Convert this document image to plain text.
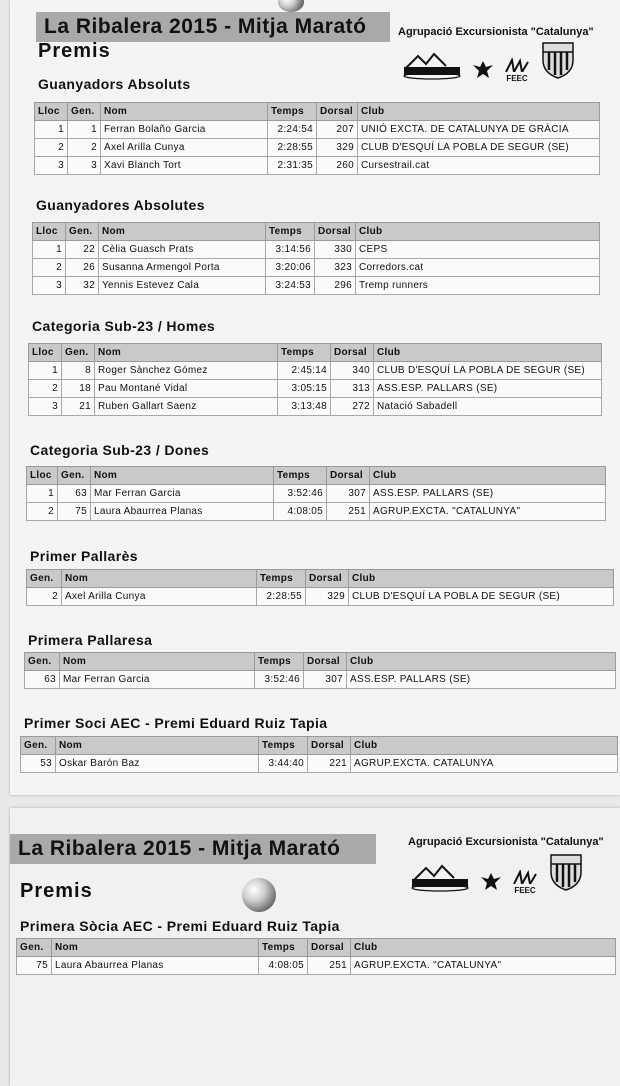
La Ribalera 2015 - Mitja Marató
Premis
Agrupació Excursionista "Catalunya"
FEEC
Guanyadors Absoluts
Lloc	Gen.	Nom	Temps	Dorsal	Club
1	1	Ferran Bolaño Garcia	2:24:54	207	UNIÓ EXCTA. DE CATALUNYA DE GRÀCIA
2	2	Axel Arilla Cunya	2:28:55	329	CLUB D'ESQUÍ LA POBLA DE SEGUR (SE)
3	3	Xavi Blanch Tort	2:31:35	260	Cursestrail.cat
Guanyadores Absolutes
Lloc	Gen.	Nom	Temps	Dorsal	Club
1	22	Cèlia Guasch Prats	3:14:56	330	CEPS
2	26	Susanna Armengol Porta	3:20:06	323	Corredors.cat
3	32	Yennis Estevez Cala	3:24:53	296	Tremp runners
Categoria Sub-23 / Homes
Lloc	Gen.	Nom	Temps	Dorsal	Club
1	8	Roger Sànchez Gómez	2:45:14	340	CLUB D'ESQUÍ LA POBLA DE SEGUR (SE)
2	18	Pau Montané Vidal	3:05:15	313	ASS.ESP. PALLARS (SE)
3	21	Ruben Gallart Saenz	3:13:48	272	Natació Sabadell
Categoria Sub-23 / Dones
Lloc	Gen.	Nom	Temps	Dorsal	Club
1	63	Mar Ferran Garcia	3:52:46	307	ASS.ESP. PALLARS (SE)
2	75	Laura Abaurrea Planas	4:08:05	251	AGRUP.EXCTA. "CATALUNYA"
Primer Pallarès
Gen.	Nom	Temps	Dorsal	Club
2	Axel Arilla Cunya	2:28:55	329	CLUB D'ESQUÍ LA POBLA DE SEGUR (SE)
Primera Pallaresa
Gen.	Nom	Temps	Dorsal	Club
63	Mar Ferran Garcia	3:52:46	307	ASS.ESP. PALLARS (SE)
Primer Soci AEC - Premi Eduard Ruiz Tapia
Gen.	Nom	Temps	Dorsal	Club
53	Oskar Barón Baz	3:44:40	221	AGRUP.EXCTA. CATALUNYA
La Ribalera 2015 - Mitja Marató
Premis
Agrupació Excursionista "Catalunya"
FEEC
Primera Sòcia AEC - Premi Eduard Ruiz Tapia
Gen.	Nom	Temps	Dorsal	Club
75	Laura Abaurrea Planas	4:08:05	251	AGRUP.EXCTA. "CATALUNYA"
